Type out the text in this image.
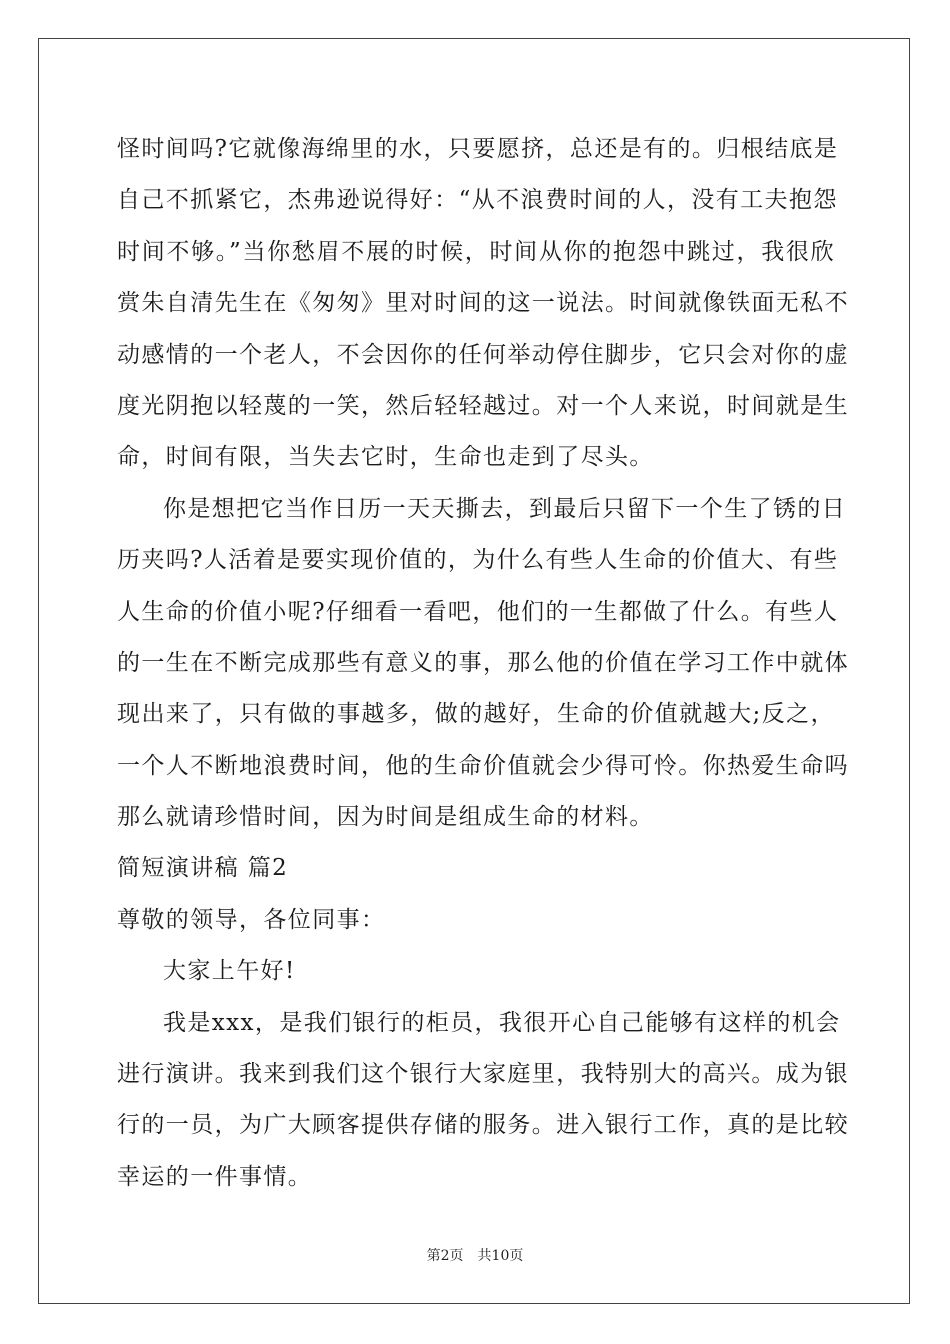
怪时间吗?它就像海绵里的水，只要愿挤，总还是有的。归根结底是
自己不抓紧它，杰弗逊说得好：“从不浪费时间的人，没有工夫抱怨
时间不够。”当你愁眉不展的时候，时间从你的抱怨中跳过，我很欣
赏朱自清先生在《匆匆》里对时间的这一说法。时间就像铁面无私不
动感情的一个老人，不会因你的任何举动停住脚步，它只会对你的虚
度光阴抱以轻蔑的一笑，然后轻轻越过。对一个人来说，时间就是生
命，时间有限，当失去它时，生命也走到了尽头。
你是想把它当作日历一天天撕去，到最后只留下一个生了锈的日
历夹吗?人活着是要实现价值的，为什么有些人生命的价值大、有些
人生命的价值小呢?仔细看一看吧，他们的一生都做了什么。有些人
的一生在不断完成那些有意义的事，那么他的价值在学习工作中就体
现出来了，只有做的事越多，做的越好，生命的价值就越大;反之，
一个人不断地浪费时间，他的生命价值就会少得可怜。你热爱生命吗
那么就请珍惜时间，因为时间是组成生命的材料。
简短演讲稿 篇2
尊敬的领导，各位同事：
大家上午好!
我是xxx，是我们银行的柜员，我很开心自己能够有这样的机会
进行演讲。我来到我们这个银行大家庭里，我特别大的高兴。成为银
行的一员，为广大顾客提供存储的服务。进入银行工作，真的是比较
幸运的一件事情。
第2页　共10页
